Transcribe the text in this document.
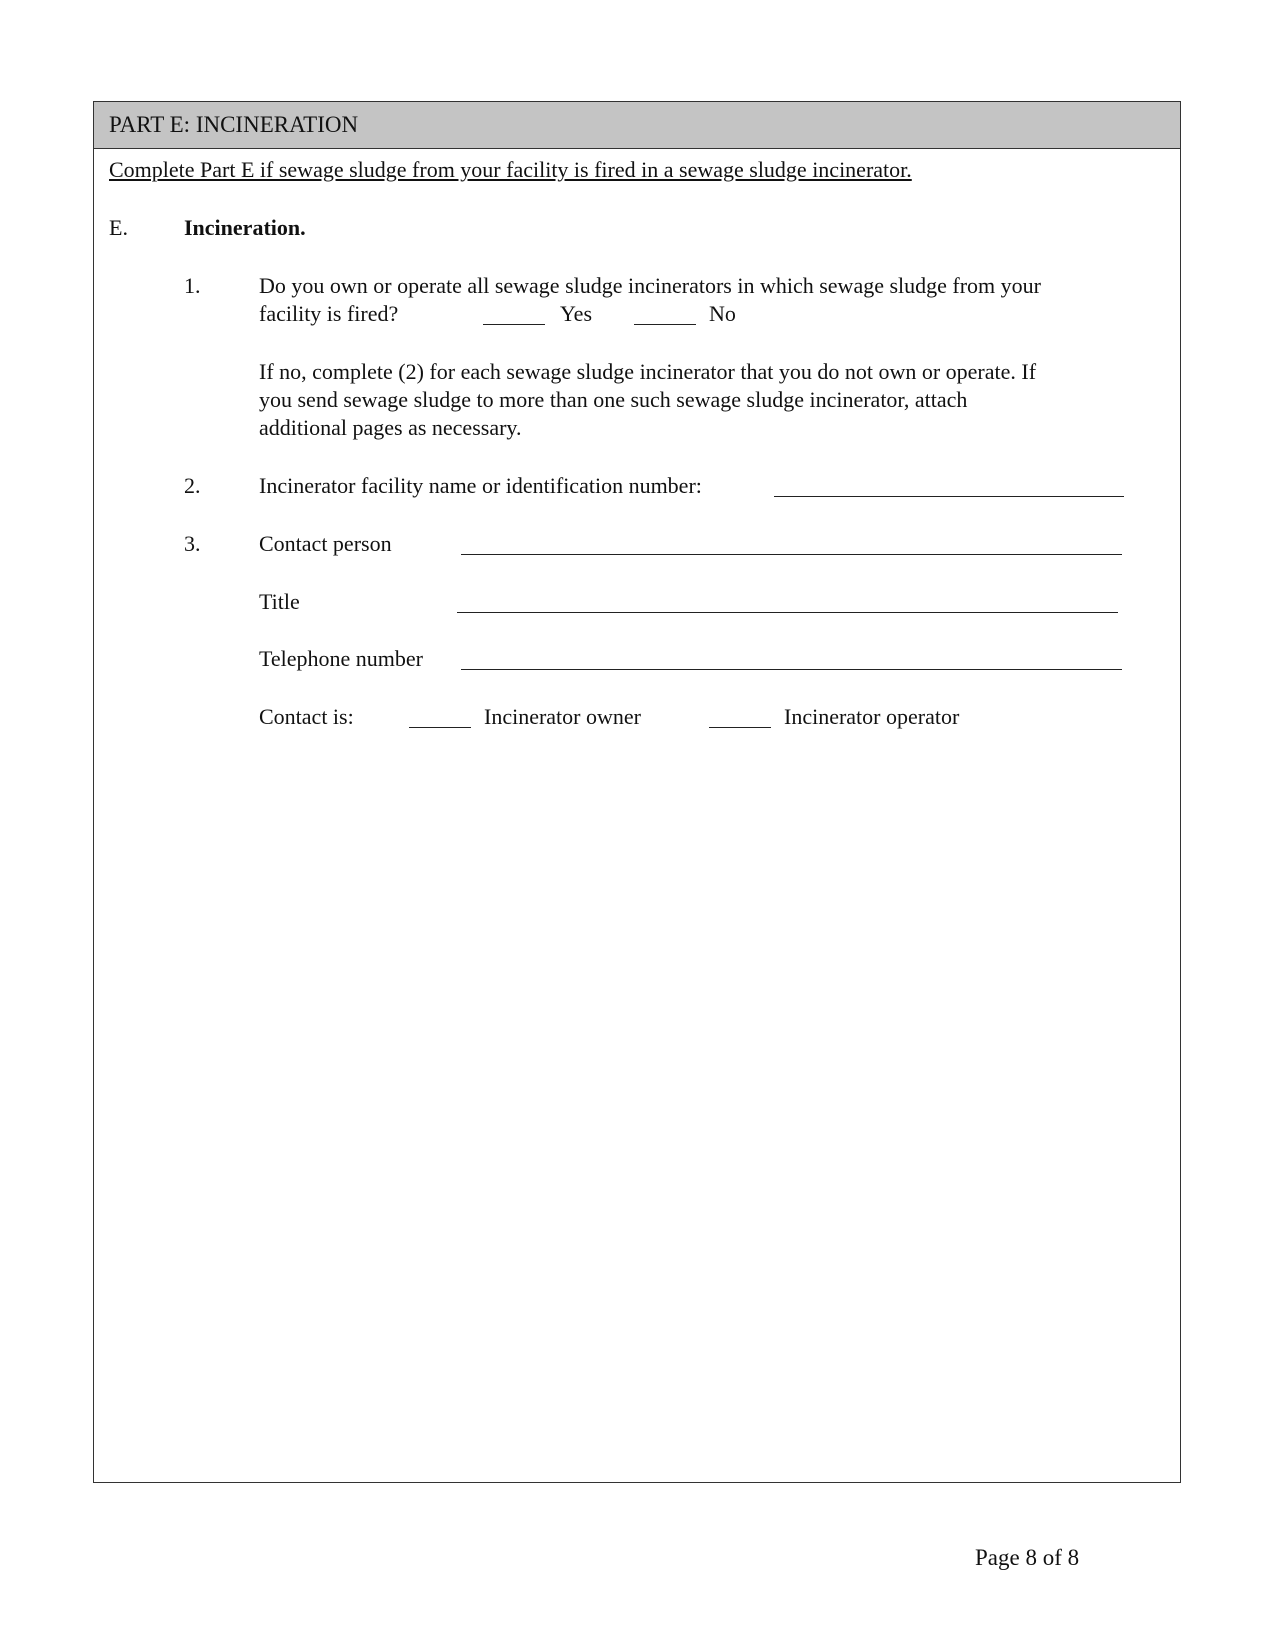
PART E: INCINERATION
Complete Part E if sewage sludge from your facility is fired in a sewage sludge incinerator.
E.	Incineration.
1.	Do you own or operate all sewage sludge incinerators in which sewage sludge from your
facility is fired?	Yes	No
If no, complete (2) for each sewage sludge incinerator that you do not own or operate. If
you send sewage sludge to more than one such sewage sludge incinerator, attach
additional pages as necessary.
2.	Incinerator facility name or identification number:
3.	Contact person
Title
Telephone number
Contact is:	Incinerator owner	Incinerator operator
Page 8 of 8
